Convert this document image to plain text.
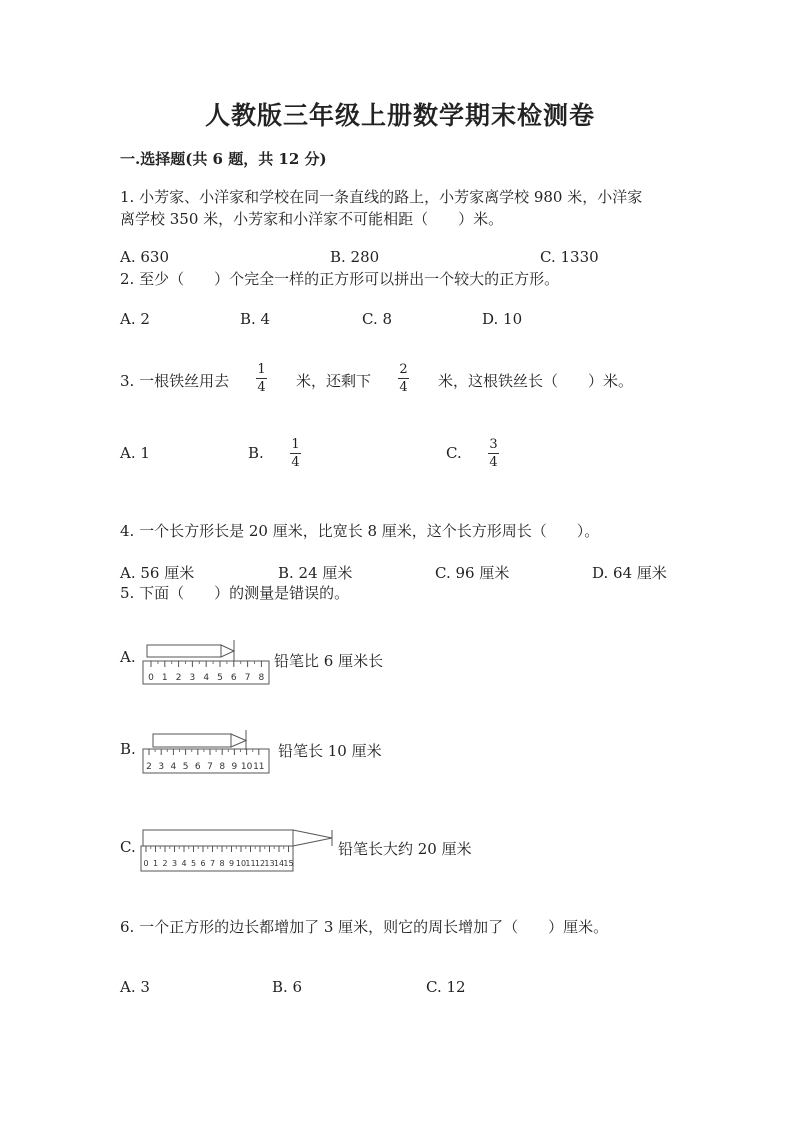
人教版三年级上册数学期末检测卷
一.选择题(共 6 题，共 12 分)
1. 小芳家、小洋家和学校在同一条直线的路上，小芳家离学校 980 米，小洋家
离学校 350 米，小芳家和小洋家不可能相距（　　）米。
A. 630	B. 280	C. 1330
2. 至少（　　）个完全一样的正方形可以拼出一个较大的正方形。
A. 2	B. 4	C. 8	D. 10
3. 一根铁丝用去
1
4 米，还剩下
2
4 米，这根铁丝长（　　）米。
A. 1	B. 1
4
C. 3
4
4. 一个长方形长是 20 厘米，比宽长 8 厘米，这个长方形周长（　　）。
A. 56 厘米	B. 24 厘米	C. 96 厘米	D. 64 厘米
5. 下面（　　）的测量是错误的。
A.
0 1 2 3 4 5 6 7 8
铅笔比 6 厘米长
B.
2 3 4 5 6 7 8 9 10 11
铅笔长 10 厘米
C.
0 1 2 3 4 5 6 7 8 9 10 11 12 13 14 15
铅笔长大约 20 厘米
6. 一个正方形的边长都增加了 3 厘米，则它的周长增加了（　　）厘米。
A. 3	B. 6	C. 12
